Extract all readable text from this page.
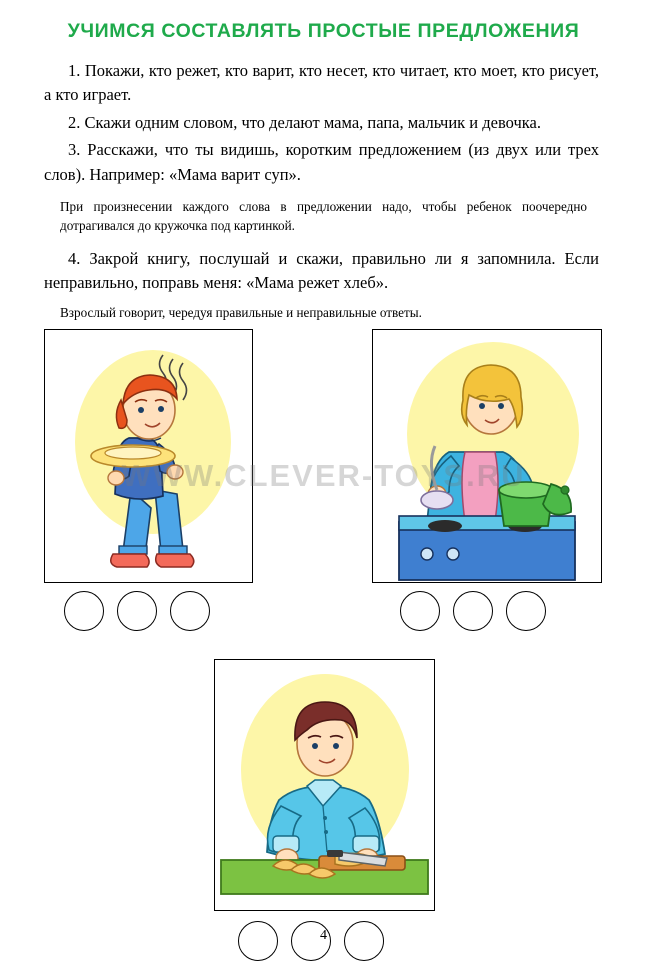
УЧИМСЯ СОСТАВЛЯТЬ ПРОСТЫЕ ПРЕДЛОЖЕНИЯ

1. Покажи, кто режет, кто варит, кто несет, кто читает, кто моет, кто рисует, а кто играет.

2. Скажи одним словом, что делают мама, папа, мальчик и девочка.

3. Расскажи, что ты видишь, коротким предложением (из двух или трех слов). Например: «Мама варит суп».

При произнесении каждого слова в предложении надо, чтобы ребенок поочередно дотрагивался до кружочка под картинкой.

4. Закрой книгу, послушай и скажи, правильно ли я запомнила. Если неправильно, поправь меня: «Мама режет хлеб».

Взрослый говорит, чередуя правильные и неправильные ответы.
WWW.CLEVER-TOYS.RU
4
